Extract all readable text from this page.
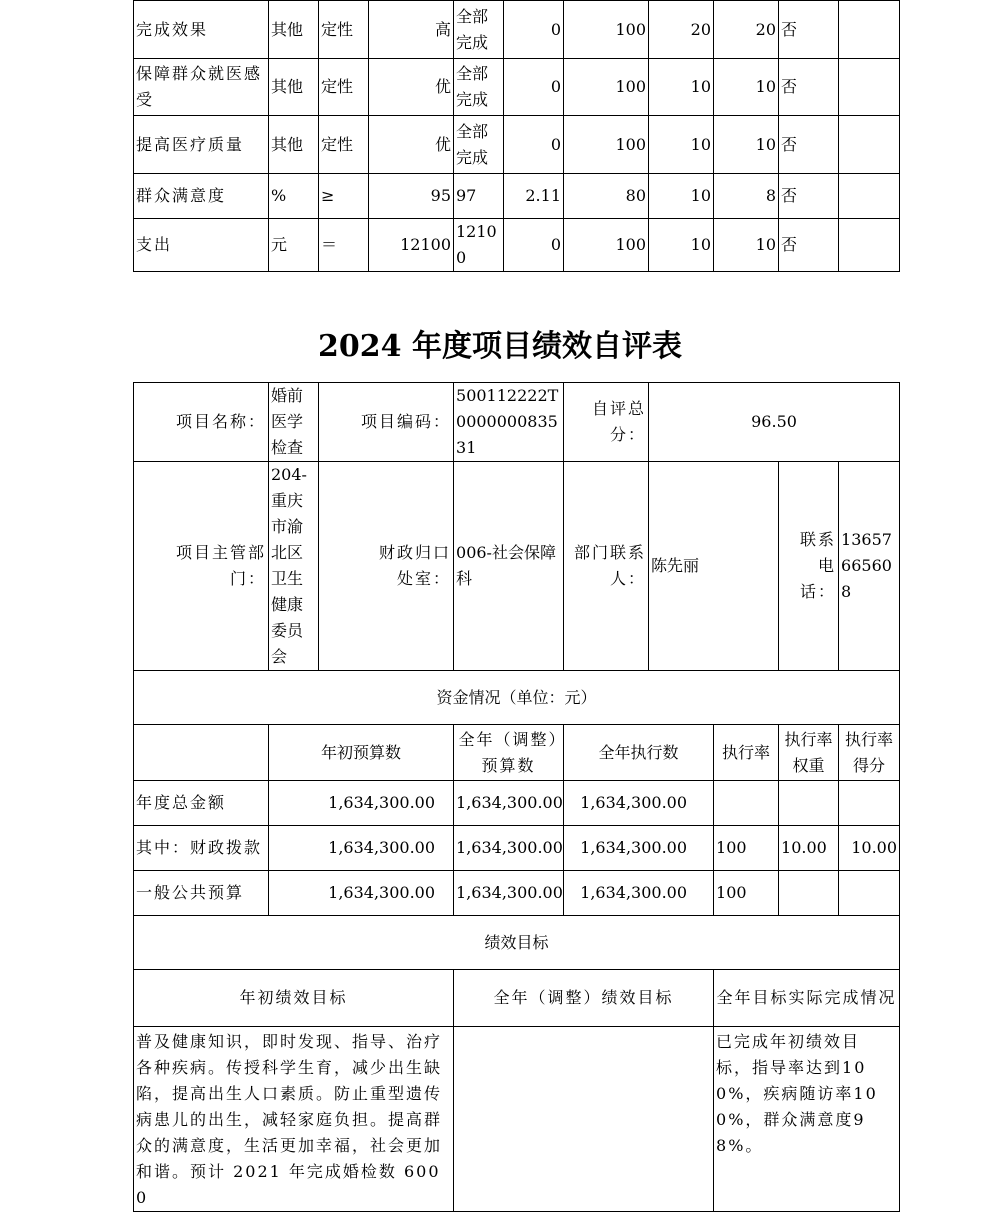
完成效果	其他	定性	高	全部完成	0	100	20	20	否	
保障群众就医感受	其他	定性	优	全部完成	0	100	10	10	否	
提高医疗质量	其他	定性	优	全部完成	0	100	10	10	否	
群众满意度	%	≥	95	97	2.11	80	10	8	否	
支出	元	＝	12100	12100	0	100	10	10	否	
2024 年度项目绩效自评表
项目名称：	婚前医学检查	项目编码：	500112222T000000083531	自评总分：	96.50			
项目主管部门：	204-重庆市渝北区卫生健康委员会	财政归口处室：	006-社会保障科	部门联系人：	陈先丽		联系电话：	13657665608
资金情况（单位：元）								
	年初预算数		全年（调整）预算数	全年执行数		执行率	执行率权重	执行率得分
年度总金额	1,634,300.00		1,634,300.00	1,634,300.00				
其中：财政拨款	1,634,300.00		1,634,300.00	1,634,300.00		100	10.00	10.00
一般公共预算	1,634,300.00		1,634,300.00	1,634,300.00		100		
绩效目标								
年初绩效目标			全年（调整）绩效目标			全年目标实际完成情况		
普及健康知识，即时发现、指导、治疗各种疾病。传授科学生育，减少出生缺陷，提高出生人口素质。防止重型遗传病患儿的出生，减轻家庭负担。提高群众的满意度，生活更加幸福，社会更加和谐。预计 2021 年完成婚检数 6000						已完成年初绩效目标，指导率达到100%，疾病随访率100%，群众满意度98%。		
